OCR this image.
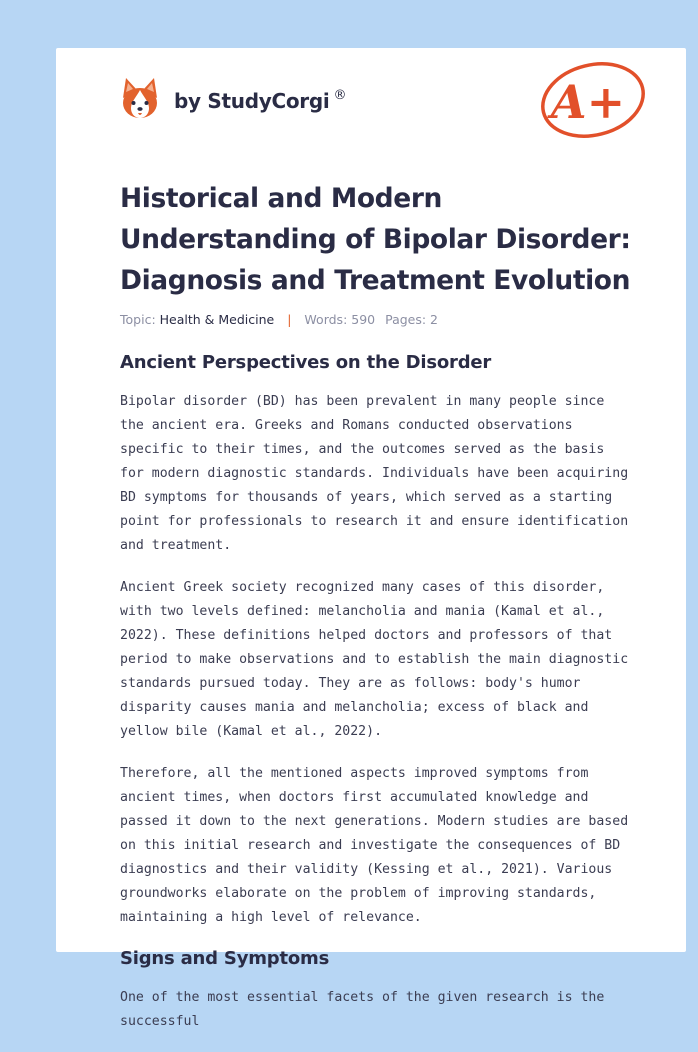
by StudyCorgi ®	A+
Historical and Modern Understanding of Bipolar Disorder: Diagnosis and Treatment Evolution
Topic: Health & Medicine | Words: 590 Pages: 2
Ancient Perspectives on the Disorder

Bipolar disorder (BD) has been prevalent in many people since the ancient era. Greeks and Romans conducted observations specific to their times, and the outcomes served as the basis for modern diagnostic standards. Individuals have been acquiring BD symptoms for thousands of years, which served as a starting point for professionals to research it and ensure identification and treatment.

Ancient Greek society recognized many cases of this disorder, with two levels defined: melancholia and mania (Kamal et al., 2022). These definitions helped doctors and professors of that period to make observations and to establish the main diagnostic standards pursued today. They are as follows: body's humor disparity causes mania and melancholia; excess of black and yellow bile (Kamal et al., 2022).

Therefore, all the mentioned aspects improved symptoms from ancient times, when doctors first accumulated knowledge and passed it down to the next generations. Modern studies are based on this initial research and investigate the consequences of BD diagnostics and their validity (Kessing et al., 2021). Various groundworks elaborate on the problem of improving standards, maintaining a high level of relevance.

Signs and Symptoms

One of the most essential facets of the given research is the successful
